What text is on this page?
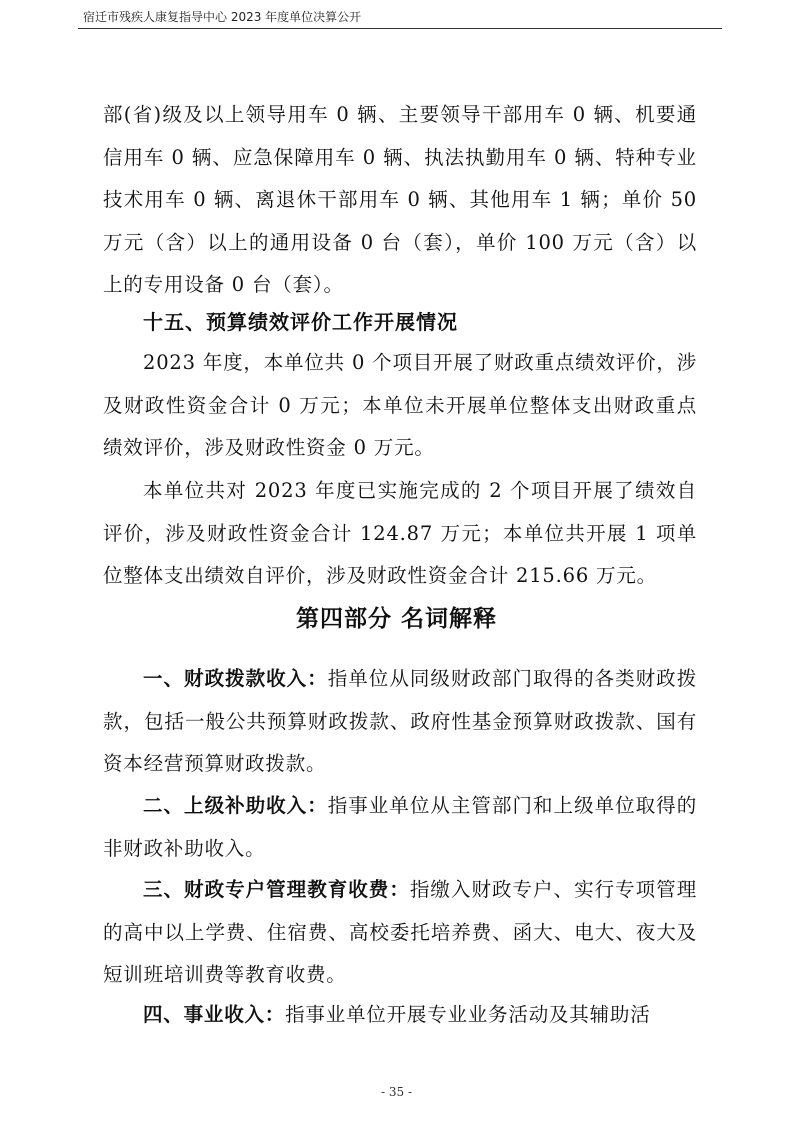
宿迁市残疾人康复指导中心 2023 年度单位决算公开

部(省)级及以上领导用车 0 辆、主要领导干部用车 0 辆、机要通信用车 0 辆、应急保障用车 0 辆、执法执勤用车 0 辆、特种专业技术用车 0 辆、离退休干部用车 0 辆、其他用车 1 辆；单价 50 万元（含）以上的通用设备 0 台（套），单价 100 万元（含）以上的专用设备 0 台（套）。

十五、预算绩效评价工作开展情况

2023 年度，本单位共 0 个项目开展了财政重点绩效评价，涉及财政性资金合计 0 万元；本单位未开展单位整体支出财政重点绩效评价，涉及财政性资金 0 万元。

本单位共对 2023 年度已实施完成的 2 个项目开展了绩效自评价，涉及财政性资金合计 124.87 万元；本单位共开展 1 项单位整体支出绩效自评价，涉及财政性资金合计 215.66 万元。

第四部分 名词解释

一、财政拨款收入：指单位从同级财政部门取得的各类财政拨款，包括一般公共预算财政拨款、政府性基金预算财政拨款、国有资本经营预算财政拨款。

二、上级补助收入：指事业单位从主管部门和上级单位取得的非财政补助收入。

三、财政专户管理教育收费：指缴入财政专户、实行专项管理的高中以上学费、住宿费、高校委托培养费、函大、电大、夜大及短训班培训费等教育收费。

四、事业收入：指事业单位开展专业业务活动及其辅助活

- 35 -
